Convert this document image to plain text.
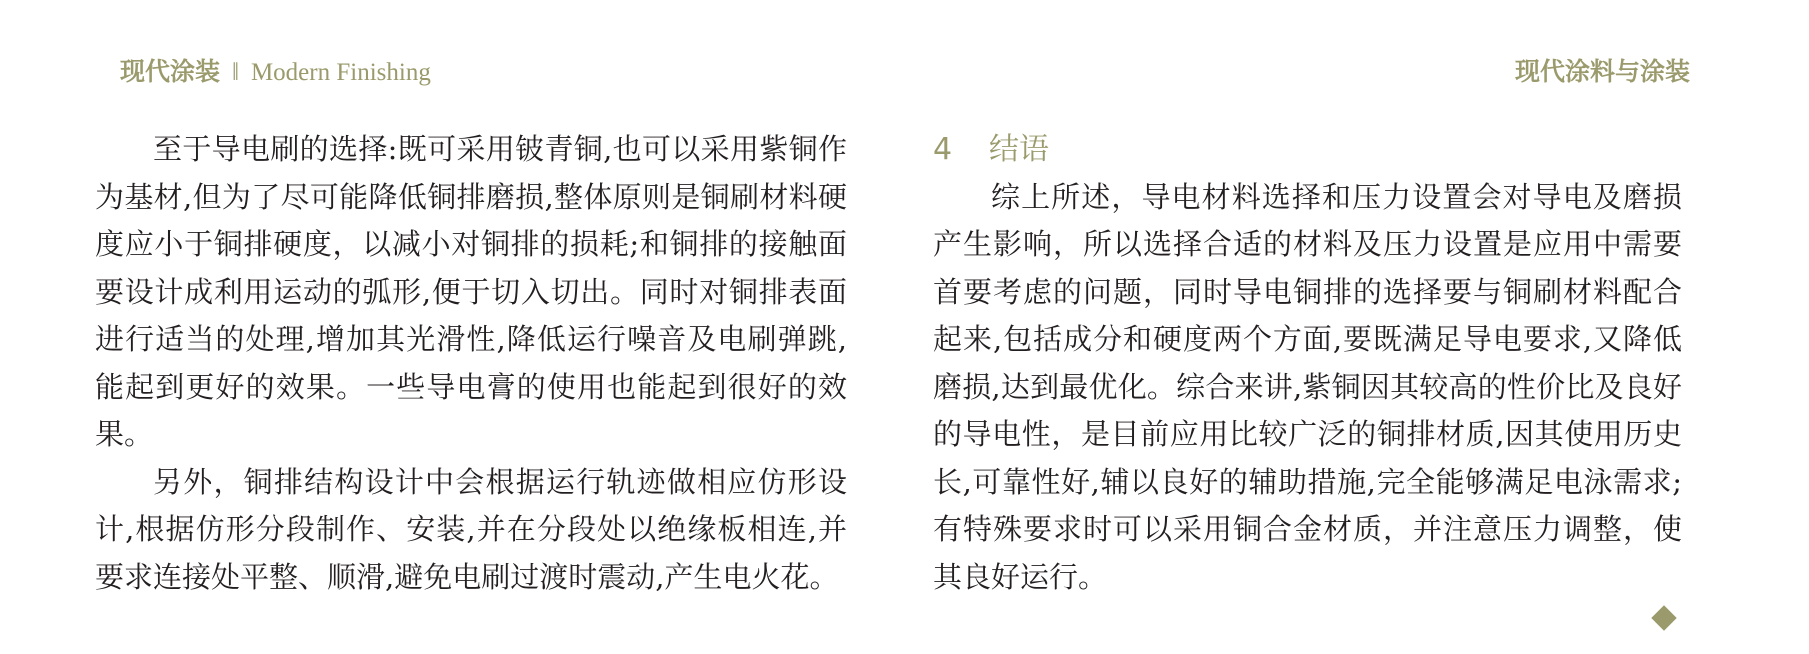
现代涂装 ‖ Modern Finishing	现代涂料与涂装

至于导电刷的选择:既可采用铍青铜,也可以采用紫铜作为基材,但为了尽可能降低铜排磨损,整体原则是铜刷材料硬度应小于铜排硬度，以减小对铜排的损耗;和铜排的接触面要设计成利用运动的弧形,便于切入切出。同时对铜排表面进行适当的处理,增加其光滑性,降低运行噪音及电刷弹跳,能起到更好的效果。一些导电膏的使用也能起到很好的效果。

另外，铜排结构设计中会根据运行轨迹做相应仿形设计,根据仿形分段制作、安装,并在分段处以绝缘板相连,并要求连接处平整、顺滑,避免电刷过渡时震动,产生电火花。

4 结语

综上所述，导电材料选择和压力设置会对导电及磨损产生影响，所以选择合适的材料及压力设置是应用中需要首要考虑的问题，同时导电铜排的选择要与铜刷材料配合起来,包括成分和硬度两个方面,要既满足导电要求,又降低磨损,达到最优化。综合来讲,紫铜因其较高的性价比及良好的导电性，是目前应用比较广泛的铜排材质,因其使用历史长,可靠性好,辅以良好的辅助措施,完全能够满足电泳需求;有特殊要求时可以采用铜合金材质，并注意压力调整，使其良好运行。
